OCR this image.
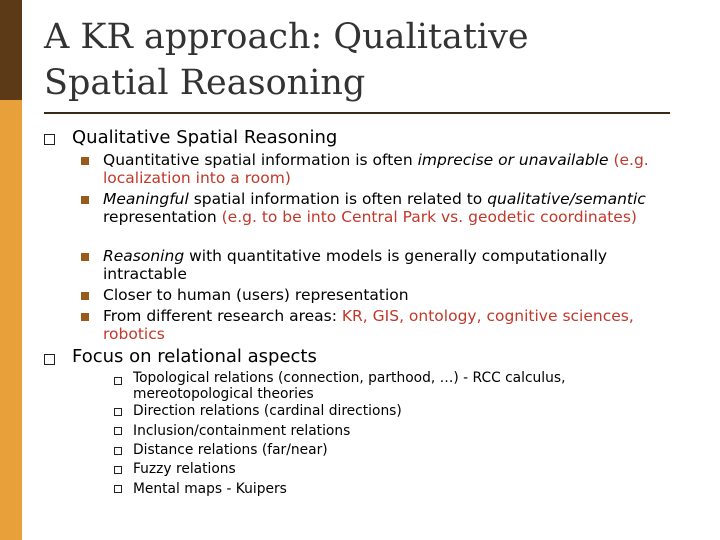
A KR approach: Qualitative Spatial Reasoning
Qualitative Spatial Reasoning
Quantitative spatial information is often imprecise or unavailable (e.g. localization into a room)
Meaningful spatial information is often related to qualitative/semantic representation (e.g. to be into Central Park vs. geodetic coordinates)
Reasoning with quantitative models is generally computationally intractable
Closer to human (users) representation
From different research areas: KR, GIS, ontology, cognitive sciences, robotics
Focus on relational aspects
Topological relations (connection, parthood, …) - RCC calculus, mereotopological theories
Direction relations (cardinal directions)
Inclusion/containment relations
Distance relations (far/near)
Fuzzy relations
Mental maps - Kuipers
